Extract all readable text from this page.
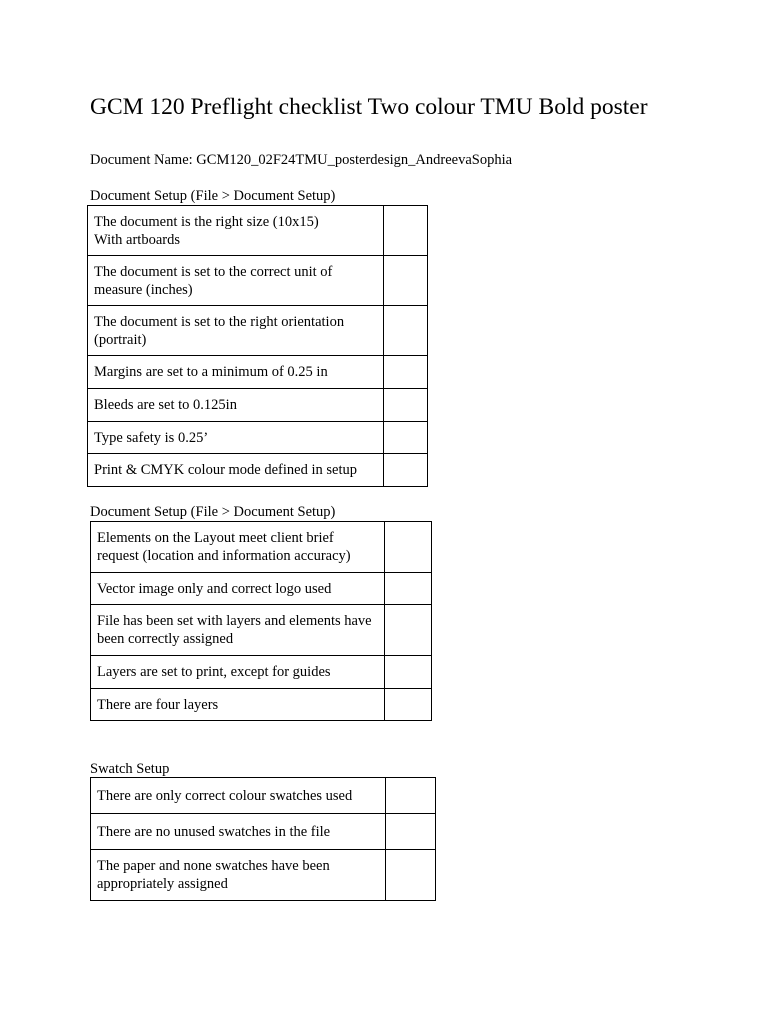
GCM 120 Preflight checklist Two colour TMU Bold poster
Document Name: GCM120_02F24TMU_posterdesign_AndreevaSophia
Document Setup (File > Document Setup)
The document is the right size (10x15)
With artboards	
The document is set to the correct unit of measure (inches)	
The document is set to the right orientation (portrait)	
Margins are set to a minimum of 0.25 in	
Bleeds are set to 0.125in	
Type safety is 0.25’	
Print & CMYK colour mode defined in setup	
Document Setup (File > Document Setup)
Elements on the Layout meet client brief request (location and information accuracy)	
Vector image only and correct logo used	
File has been set with layers and elements have been correctly assigned	
Layers are set to print, except for guides	
There are four layers	
Swatch Setup
There are only correct colour swatches used	
There are no unused swatches in the file	
The paper and none swatches have been appropriately assigned	
